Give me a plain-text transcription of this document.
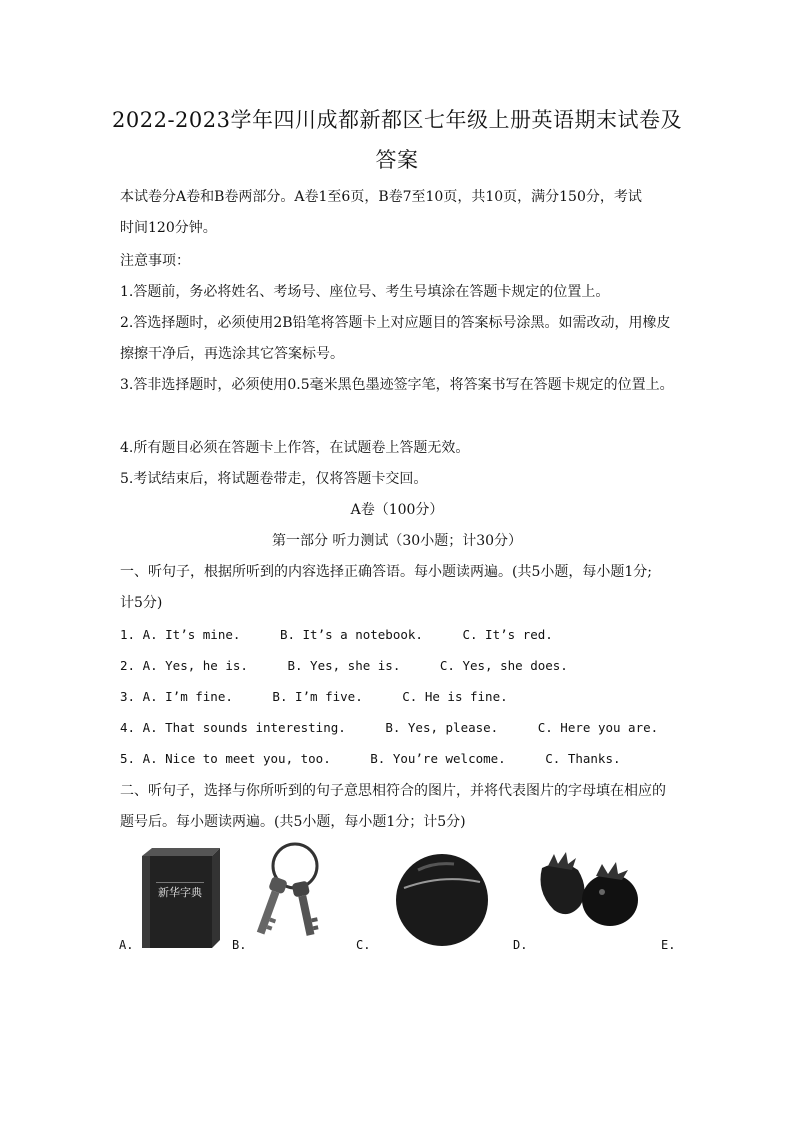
2022-2023学年四川成都新都区七年级上册英语期末试卷及
答案
本试卷分A卷和B卷两部分。A卷1至6页，B卷7至10页，共10页，满分150分，考试
时间120分钟。
注意事项：
1.答题前，务必将姓名、考场号、座位号、考生号填涂在答题卡规定的位置上。
2.答选择题时，必须使用2B铅笔将答题卡上对应题目的答案标号涂黑。如需改动，用橡皮
擦擦干净后，再选涂其它答案标号。
3.答非选择题时，必须使用0.5毫米黑色墨迹签字笔，将答案书写在答题卡规定的位置上。
4.所有题目必须在答题卡上作答，在试题卷上答题无效。
5.考试结束后，将试题卷带走，仅将答题卡交回。
A卷（100分）
第一部分 听力测试（30小题；计30分）
一、听句子，根据所听到的内容选择正确答语。每小题读两遍。(共5小题，每小题1分;
计5分)
1. A. It’s mine.	B. It’s a notebook.	C. It’s red.
2. A. Yes, he is.	B. Yes, she is.	C. Yes, she does.
3. A. I’m fine.	B. I’m five.	C. He is fine.
4. A. That sounds interesting.	B. Yes, please.	C. Here you are.
5. A. Nice to meet you, too.	B. You’re welcome.	C. Thanks.
二、听句子，选择与你所听到的句子意思相符合的图片，并将代表图片的字母填在相应的
题号后。每小题读两遍。(共5小题，每小题1分；计5分)
新华字典
A.	B.	C.	D.	E.
